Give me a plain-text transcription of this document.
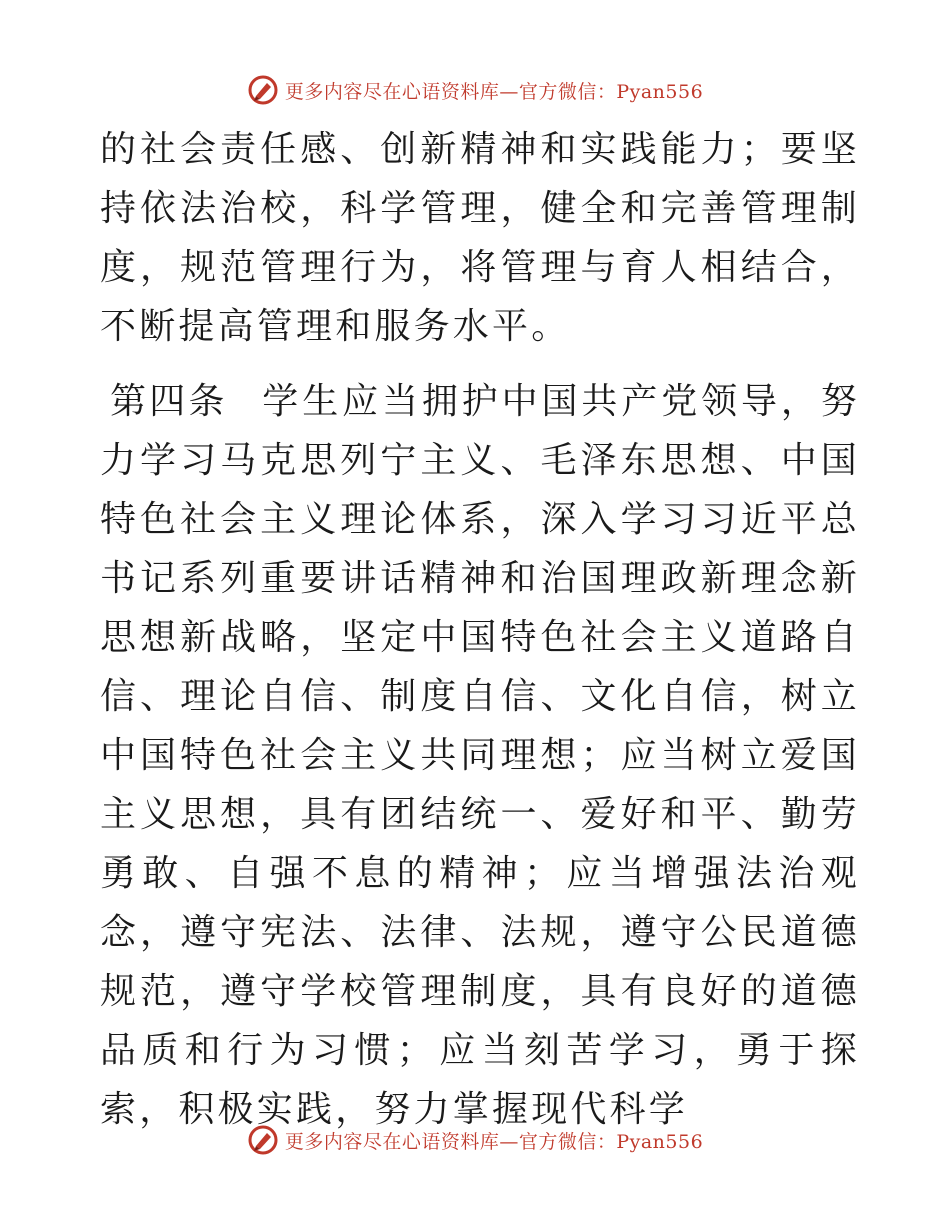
更多内容尽在心语资料库—官方微信：Pyan556

的社会责任感、创新精神和实践能力；要坚持依法治校，科学管理，健全和完善管理制度，规范管理行为，将管理与育人相结合，不断提高管理和服务水平。

第四条 学生应当拥护中国共产党领导，努力学习马克思列宁主义、毛泽东思想、中国特色社会主义理论体系，深入学习习近平总书记系列重要讲话精神和治国理政新理念新思想新战略，坚定中国特色社会主义道路自信、理论自信、制度自信、文化自信，树立中国特色社会主义共同理想；应当树立爱国主义思想，具有团结统一、爱好和平、勤劳勇敢、自强不息的精神；应当增强法治观念，遵守宪法、法律、法规，遵守公民道德规范，遵守学校管理制度，具有良好的道德品质和行为习惯；应当刻苦学习，勇于探索，积极实践，努力掌握现代科学

更多内容尽在心语资料库—官方微信：Pyan556
